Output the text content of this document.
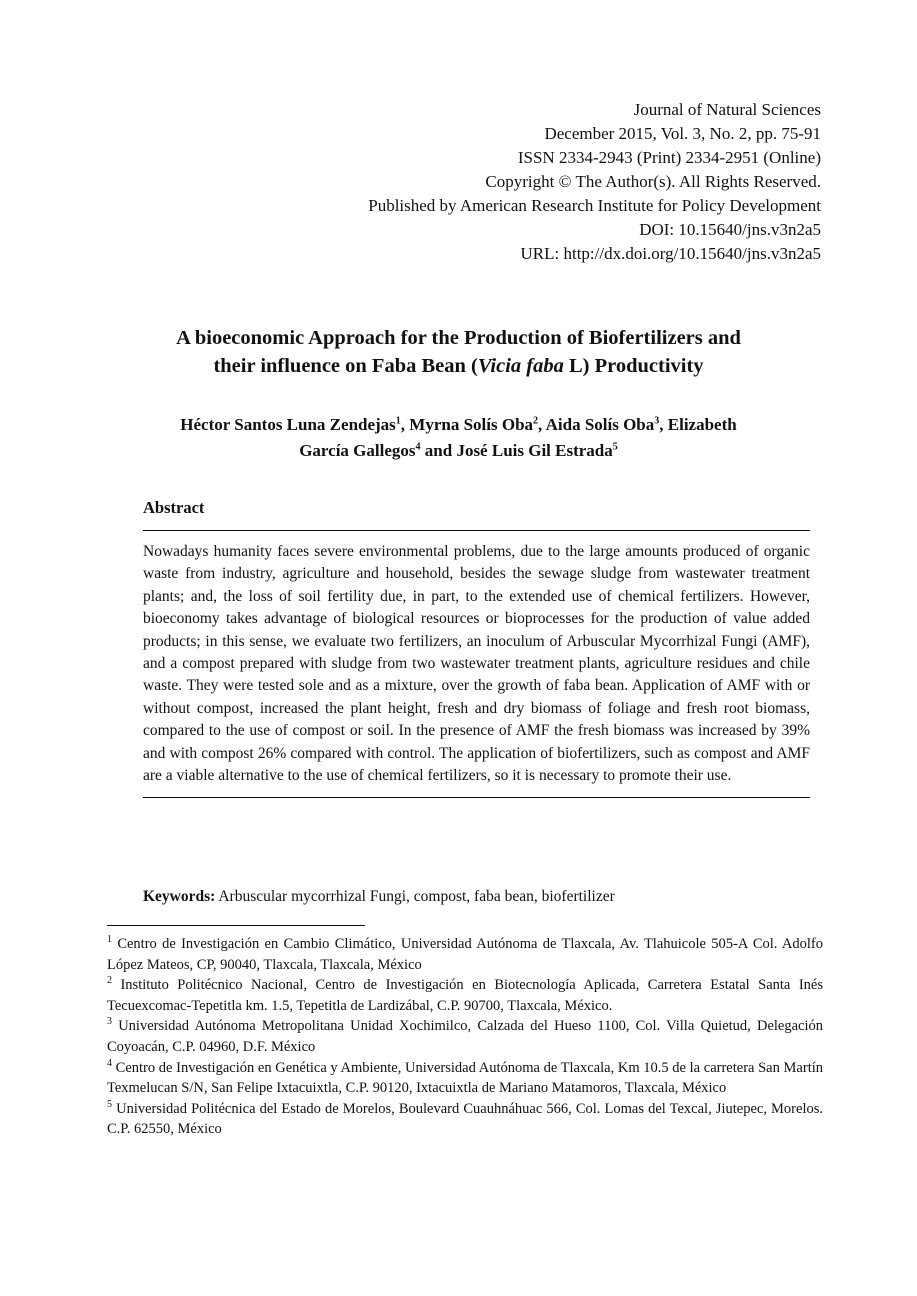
Journal of Natural Sciences
December 2015, Vol. 3, No. 2, pp. 75-91
ISSN 2334-2943 (Print) 2334-2951 (Online)
Copyright © The Author(s). All Rights Reserved.
Published by American Research Institute for Policy Development
DOI: 10.15640/jns.v3n2a5
URL: http://dx.doi.org/10.15640/jns.v3n2a5
A bioeconomic Approach for the Production of Biofertilizers and
their influence on Faba Bean (Vicia faba L) Productivity
Héctor Santos Luna Zendejas$^1$, Myrna Solís Oba$^2$, Aida Solís Oba$^3$, Elizabeth
García Gallegos$^4$ and José Luis Gil Estrada$^5$
Abstract
Nowadays humanity faces severe environmental problems, due to the large amounts produced of organic waste from industry, agriculture and household, besides the sewage sludge from wastewater treatment plants; and, the loss of soil fertility due, in part, to the extended use of chemical fertilizers. However, bioeconomy takes advantage of biological resources or bioprocesses for the production of value added products; in this sense, we evaluate two fertilizers, an inoculum of Arbuscular Mycorrhizal Fungi (AMF), and a compost prepared with sludge from two wastewater treatment plants, agriculture residues and chile waste. They were tested sole and as a mixture, over the growth of faba bean. Application of AMF with or without compost, increased the plant height, fresh and dry biomass of foliage and fresh root biomass, compared to the use of compost or soil. In the presence of AMF the fresh biomass was increased by 39% and with compost 26% compared with control. The application of biofertilizers, such as compost and AMF are a viable alternative to the use of chemical fertilizers, so it is necessary to promote their use.
Keywords: Arbuscular mycorrhizal Fungi, compost, faba bean, biofertilizer

$^1$ Centro de Investigación en Cambio Climático, Universidad Autónoma de Tlaxcala, Av. Tlahuicole 505-A Col. Adolfo López Mateos, CP, 90040, Tlaxcala, Tlaxcala, México

$^2$ Instituto Politécnico Nacional, Centro de Investigación en Biotecnología Aplicada, Carretera Estatal Santa Inés Tecuexcomac-Tepetitla km. 1.5, Tepetitla de Lardizábal, C.P. 90700, Tlaxcala, México.

$^3$ Universidad Autónoma Metropolitana Unidad Xochimilco, Calzada del Hueso 1100, Col. Villa Quietud, Delegación Coyoacán, C.P. 04960, D.F. México

$^4$ Centro de Investigación en Genética y Ambiente, Universidad Autónoma de Tlaxcala, Km 10.5 de la carretera San Martín Texmelucan S/N, San Felipe Ixtacuixtla, C.P. 90120, Ixtacuixtla de Mariano Matamoros, Tlaxcala, México

$^5$ Universidad Politécnica del Estado de Morelos, Boulevard Cuauhnáhuac 566, Col. Lomas del Texcal, Jiutepec, Morelos. C.P. 62550, México
